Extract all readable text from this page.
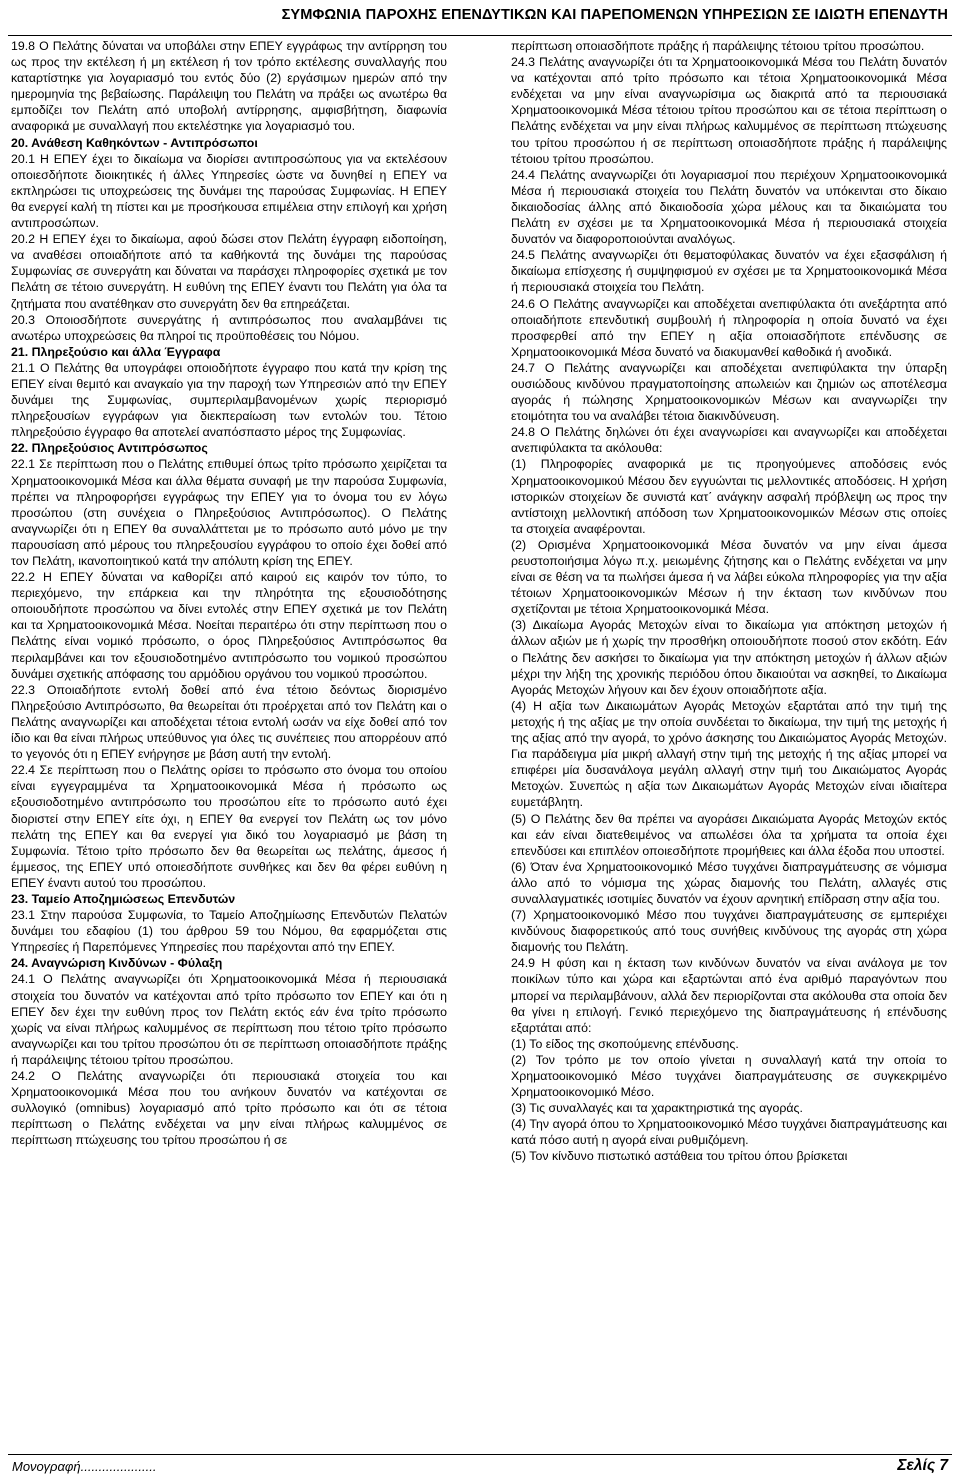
ΣΥΜΦΩΝΙΑ ΠΑΡΟΧΗΣ ΕΠΕΝΔΥΤΙΚΩΝ ΚΑΙ ΠΑΡΕΠΟΜΕΝΩΝ ΥΠΗΡΕΣΙΩΝ ΣΕ ΙΔΙΩΤΗ ΕΠΕΝΔΥΤΗ

19.8 Ο Πελάτης δύναται να υποβάλει στην ΕΠΕΥ εγγράφως την αντίρρηση του ως προς την εκτέλεση ή μη εκτέλεση ή τον τρόπο εκτέλεσης συναλλαγής που καταρτίστηκε για λογαριασμό του εντός δύο (2) εργάσιμων ημερών από την ημερομηνία της βεβαίωσης. Παράλειψη του Πελάτη να πράξει ως ανωτέρω θα εμποδίζει τον Πελάτη από υποβολή αντίρρησης, αμφισβήτηση, διαφωνία αναφορικά με συναλλαγή που εκτελέστηκε για λογαριασμό του.

20. Ανάθεση Καθηκόντων - Αντιπρόσωποι

20.1 Η ΕΠΕΥ έχει το δικαίωμα να διορίσει αντιπροσώπους για να εκτελέσουν οποιεσδήποτε διοικητικές ή άλλες Υπηρεσίες ώστε να δυνηθεί η ΕΠΕΥ να εκπληρώσει τις υποχρεώσεις της δυνάμει της παρούσας Συμφωνίας. Η ΕΠΕΥ θα ενεργεί καλή τη πίστει και με προσήκουσα επιμέλεια στην επιλογή και χρήση αντιπροσώπων.

20.2 Η ΕΠΕΥ έχει το δικαίωμα, αφού δώσει στον Πελάτη έγγραφη ειδοποίηση, να αναθέσει οποιαδήποτε από τα καθήκοντά της δυνάμει της παρούσας Συμφωνίας σε συνεργάτη και δύναται να παράσχει πληροφορίες σχετικά με τον Πελάτη σε τέτοιο συνεργάτη. Η ευθύνη της ΕΠΕΥ έναντι του Πελάτη για όλα τα ζητήματα που ανατέθηκαν στο συνεργάτη δεν θα επηρεάζεται.

20.3 Οποιοσδήποτε συνεργάτης ή αντιπρόσωπος που αναλαμβάνει τις ανωτέρω υποχρεώσεις θα πληροί τις προϋποθέσεις του Νόμου.

21. Πληρεξούσιο και άλλα Έγγραφα

21.1 Ο Πελάτης θα υπογράφει οποιοδήποτε έγγραφο που κατά την κρίση της ΕΠΕΥ είναι θεμιτό και αναγκαίο για την παροχή των Υπηρεσιών από την ΕΠΕΥ δυνάμει της Συμφωνίας, συμπεριλαμβανομένων χωρίς περιορισμό πληρεξουσίων εγγράφων για διεκπεραίωση των εντολών του. Τέτοιο πληρεξούσιο έγγραφο θα αποτελεί αναπόσπαστο μέρος της Συμφωνίας.

22. Πληρεξούσιος Αντιπρόσωπος

22.1 Σε περίπτωση που ο Πελάτης επιθυμεί όπως τρίτο πρόσωπο χειρίζεται τα Χρηματοοικονομικά Μέσα και άλλα θέματα συναφή με την παρούσα Συμφωνία, πρέπει να πληροφορήσει εγγράφως την ΕΠΕΥ για το όνομα του εν λόγω προσώπου (στη συνέχεια ο Πληρεξούσιος Αντιπρόσωπος). Ο Πελάτης αναγνωρίζει ότι η ΕΠΕΥ θα συναλλάττεται με το πρόσωπο αυτό μόνο με την παρουσίαση από μέρους του πληρεξουσίου εγγράφου το οποίο έχει δοθεί από τον Πελάτη, ικανοποιητικού κατά την απόλυτη κρίση της ΕΠΕΥ.

22.2 Η ΕΠΕΥ δύναται να καθορίζει από καιρού εις καιρόν τον τύπο, το περιεχόμενο, την επάρκεια και την πληρότητα της εξουσιοδότησης οποιουδήποτε προσώπου να δίνει εντολές στην ΕΠΕΥ σχετικά με τον Πελάτη και τα Χρηματοοικονομικά Μέσα. Νοείται περαιτέρω ότι στην περίπτωση που ο Πελάτης είναι νομικό πρόσωπο, ο όρος Πληρεξούσιος Αντιπρόσωπος θα περιλαμβάνει και τον εξουσιοδοτημένο αντιπρόσωπο του νομικού προσώπου δυνάμει σχετικής απόφασης του αρμόδιου οργάνου του νομικού προσώπου.

22.3 Οποιαδήποτε εντολή δοθεί από ένα τέτοιο δεόντως διορισμένο Πληρεξούσιο Αντιπρόσωπο, θα θεωρείται ότι προέρχεται από τον Πελάτη και ο Πελάτης αναγνωρίζει και αποδέχεται τέτοια εντολή ωσάν να είχε δοθεί από τον ίδιο και θα είναι πλήρως υπεύθυνος για όλες τις συνέπειες που απορρέουν από το γεγονός ότι η ΕΠΕΥ ενήργησε με βάση αυτή την εντολή.

22.4 Σε περίπτωση που ο Πελάτης ορίσει το πρόσωπο στο όνομα του οποίου είναι εγγεγραμμένα τα Χρηματοοικονομικά Μέσα ή πρόσωπο ως εξουσιοδοτημένο αντιπρόσωπο του προσώπου είτε το πρόσωπο αυτό έχει διοριστεί στην ΕΠΕΥ είτε όχι, η ΕΠΕΥ θα ενεργεί τον Πελάτη ως τον μόνο πελάτη της ΕΠΕΥ και θα ενεργεί για δικό του λογαριασμό με βάση τη Συμφωνία. Τέτοιο τρίτο πρόσωπο δεν θα θεωρείται ως πελάτης, άμεσος ή έμμεσος, της ΕΠΕΥ υπό οποιεσδήποτε συνθήκες και δεν θα φέρει ευθύνη η ΕΠΕΥ έναντι αυτού του προσώπου.

23. Ταμείο Αποζημιώσεως Επενδυτών

23.1 Στην παρούσα Συμφωνία, το Ταμείο Αποζημίωσης Επενδυτών Πελατών δυνάμει του εδαφίου (1) του άρθρου 59 του Νόμου, θα εφαρμόζεται στις Υπηρεσίες ή Παρεπόμενες Υπηρεσίες που παρέχονται από την ΕΠΕΥ.

24. Αναγνώριση Κινδύνων - Φύλαξη

24.1 Ο Πελάτης αναγνωρίζει ότι Χρηματοοικονομικά Μέσα ή περιουσιακά στοιχεία του δυνατόν να κατέχονται από τρίτο πρόσωπο τον ΕΠΕΥ και ότι η ΕΠΕΥ δεν έχει την ευθύνη προς τον Πελάτη εκτός εάν ένα τρίτο πρόσωπο χωρίς να είναι πλήρως καλυμμένος σε περίπτωση που τέτοιο τρίτο πρόσωπο αναγνωρίζει και του τρίτου προσώπου ότι σε περίπτωση οποιασδήποτε πράξης ή παράλειψης τέτοιου τρίτου προσώπου.

24.2 Ο Πελάτης αναγνωρίζει ότι περιουσιακά στοιχεία του και Χρηματοοικονομικά Μέσα που του ανήκουν δυνατόν να κατέχονται σε συλλογικό (omnibus) λογαριασμό από τρίτο πρόσωπο και ότι σε τέτοια περίπτωση ο Πελάτης ενδέχεται να μην είναι πλήρως καλυμμένος σε περίπτωση πτώχευσης του τρίτου προσώπου ή σε

περίπτωση οποιασδήποτε πράξης ή παράλειψης τέτοιου τρίτου προσώπου.

24.3 Πελάτης αναγνωρίζει ότι τα Χρηματοοικονομικά Μέσα του Πελάτη δυνατόν να κατέχονται από τρίτο πρόσωπο και τέτοια Χρηματοοικονομικά Μέσα ενδέχεται να μην είναι αναγνωρίσιμα ως διακριτά από τα περιουσιακά Χρηματοοικονομικά Μέσα τέτοιου τρίτου προσώπου και σε τέτοια περίπτωση ο Πελάτης ενδέχεται να μην είναι πλήρως καλυμμένος σε περίπτωση πτώχευσης του τρίτου προσώπου ή σε περίπτωση οποιασδήποτε πράξης ή παράλειψης τέτοιου τρίτου προσώπου.

24.4 Πελάτης αναγνωρίζει ότι λογαριασμοί που περιέχουν Χρηματοοικονομικά Μέσα ή περιουσιακά στοιχεία του Πελάτη δυνατόν να υπόκεινται στο δίκαιο δικαιοδοσίας άλλης από δικαιοδοσία χώρα μέλους και τα δικαιώματα του Πελάτη εν σχέσει με τα Χρηματοοικονομικά Μέσα ή περιουσιακά στοιχεία δυνατόν να διαφοροποιούνται αναλόγως.

24.5 Πελάτης αναγνωρίζει ότι θεματοφύλακας δυνατόν να έχει εξασφάλιση ή δικαίωμα επίσχεσης ή συμψηφισμού εν σχέσει με τα Χρηματοοικονομικά Μέσα ή περιουσιακά στοιχεία του Πελάτη.

24.6 Ο Πελάτης αναγνωρίζει και αποδέχεται ανεπιφύλακτα ότι ανεξάρτητα από οποιαδήποτε επενδυτική συμβουλή ή πληροφορία η οποία δυνατό να έχει προσφερθεί από την ΕΠΕΥ η αξία οποιασδήποτε επένδυσης σε Χρηματοοικονομικά Μέσα δυνατό να διακυμανθεί καθοδικά ή ανοδικά.

24.7 Ο Πελάτης αναγνωρίζει και αποδέχεται ανεπιφύλακτα την ύπαρξη ουσιώδους κινδύνου πραγματοποίησης απωλειών και ζημιών ως αποτέλεσμα αγοράς ή πώλησης Χρηματοοικονομικών Μέσων και αναγνωρίζει την ετοιμότητα του να αναλάβει τέτοια διακινδύνευση.

24.8 Ο Πελάτης δηλώνει ότι έχει αναγνωρίσει και αναγνωρίζει και αποδέχεται ανεπιφύλακτα τα ακόλουθα:

(1) Πληροφορίες αναφορικά με τις προηγούμενες αποδόσεις ενός Χρηματοοικονομικού Μέσου δεν εγγυώνται τις μελλοντικές αποδόσεις. Η χρήση ιστορικών στοιχείων δε συνιστά κατ΄ ανάγκην ασφαλή πρόβλεψη ως προς την αντίστοιχη μελλοντική απόδοση των Χρηματοοικονομικών Μέσων στις οποίες τα στοιχεία αναφέρονται.

(2) Ορισμένα Χρηματοοικονομικά Μέσα δυνατόν να μην είναι άμεσα ρευστοποιήσιμα λόγω π.χ. μειωμένης ζήτησης και ο Πελάτης ενδέχεται να μην είναι σε θέση να τα πωλήσει άμεσα ή να λάβει εύκολα πληροφορίες για την αξία τέτοιων Χρηματοοικονομικών Μέσων ή την έκταση των κινδύνων που σχετίζονται με τέτοια Χρηματοοικονομικά Μέσα.

(3) Δικαίωμα Αγοράς Μετοχών είναι το δικαίωμα για απόκτηση μετοχών ή άλλων αξιών με ή χωρίς την προσθήκη οποιουδήποτε ποσού στον εκδότη. Εάν ο Πελάτης δεν ασκήσει το δικαίωμα για την απόκτηση μετοχών ή άλλων αξιών μέχρι την λήξη της χρονικής περιόδου όπου δικαιούται να ασκηθεί, το Δικαίωμα Αγοράς Μετοχών λήγουν και δεν έχουν οποιαδήποτε αξία.

(4) Η αξία των Δικαιωμάτων Αγοράς Μετοχών εξαρτάται από την τιμή της μετοχής ή της αξίας με την οποία συνδέεται το δικαίωμα, την τιμή της μετοχής ή της αξίας από την αγορά, το χρόνο άσκησης του Δικαιώματος Αγοράς Μετοχών. Για παράδειγμα μία μικρή αλλαγή στην τιμή της μετοχής ή της αξίας μπορεί να επιφέρει μία δυσανάλογα μεγάλη αλλαγή στην τιμή του Δικαιώματος Αγοράς Μετοχών. Συνεπώς η αξία των Δικαιωμάτων Αγοράς Μετοχών είναι ιδιαίτερα ευμετάβλητη.

(5) Ο Πελάτης δεν θα πρέπει να αγοράσει Δικαιώματα Αγοράς Μετοχών εκτός και εάν είναι διατεθειμένος να απωλέσει όλα τα χρήματα τα οποία έχει επενδύσει και επιπλέον οποιεσδήποτε προμήθειες και άλλα έξοδα που υποστεί.

(6) Όταν ένα Χρηματοοικονομικό Μέσο τυγχάνει διαπραγμάτευσης σε νόμισμα άλλο από το νόμισμα της χώρας διαμονής του Πελάτη, αλλαγές στις συναλλαγματικές ισοτιμίες δυνατόν να έχουν αρνητική επίδραση στην αξία του.

(7) Χρηματοοικονομικό Μέσο που τυγχάνει διαπραγμάτευσης σε εμπεριέχει κινδύνους διαφορετικούς από τους συνήθεις κινδύνους της αγοράς στη χώρα διαμονής του Πελάτη.

24.9 Η φύση και η έκταση των κινδύνων δυνατόν να είναι ανάλογα με τον ποικίλων τύπο και χώρα και εξαρτώνται από ένα αριθμό παραγόντων που μπορεί να περιλαμβάνουν, αλλά δεν περιορίζονται στα ακόλουθα στα οποία δεν θα γίνει η επιλογή. Γενικό περιεχόμενο της διαπραγμάτευσης ή επένδυσης εξαρτάται από:

(1) Το είδος της σκοπούμενης επένδυσης.

(2) Τον τρόπο με τον οποίο γίνεται η συναλλαγή κατά την οποία το Χρηματοοικονομικό Μέσο τυγχάνει διαπραγμάτευσης σε συγκεκριμένο Χρηματοοικονομικό Μέσο.

(3) Τις συναλλαγές και τα χαρακτηριστικά της αγοράς.

(4) Την αγορά όπου το Χρηματοοικονομικό Μέσο τυγχάνει διαπραγμάτευσης και κατά πόσο αυτή η αγορά είναι ρυθμιζόμενη.

(5) Τον κίνδυνο πιστωτικό αστάθεια του τρίτου όπου βρίσκεται

Μονογραφή.....................	Σελίς 7
